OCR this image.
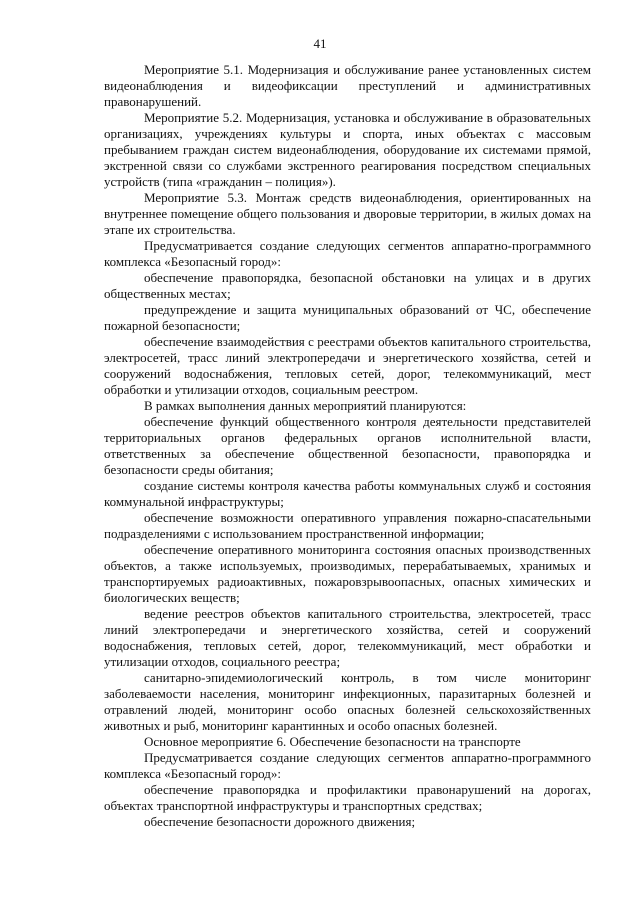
41

Мероприятие 5.1. Модернизация и обслуживание ранее установленных систем видеонаблюдения и видеофиксации преступлений и административных правонарушений.

Мероприятие 5.2. Модернизация, установка и обслуживание в образовательных организациях, учреждениях культуры и спорта, иных объектах с массовым пребыванием граждан систем видеонаблюдения, оборудование их системами прямой, экстренной связи со службами экстренного реагирования посредством специальных устройств (типа «гражданин – полиция»).

Мероприятие 5.3. Монтаж средств видеонаблюдения, ориентированных на внутреннее помещение общего пользования и дворовые территории, в жилых домах на этапе их строительства.

Предусматривается создание следующих сегментов аппаратно-программного комплекса «Безопасный город»:

обеспечение правопорядка, безопасной обстановки на улицах и в других общественных местах;

предупреждение и защита муниципальных образований от ЧС, обеспечение пожарной безопасности;

обеспечение взаимодействия с реестрами объектов капитального строительства, электросетей, трасс линий электропередачи и энергетического хозяйства, сетей и сооружений водоснабжения, тепловых сетей, дорог, телекоммуникаций, мест обработки и утилизации отходов, социальным реестром.

В рамках выполнения данных мероприятий планируются:

обеспечение функций общественного контроля деятельности представителей территориальных органов федеральных органов исполнительной власти, ответственных за обеспечение общественной безопасности, правопорядка и безопасности среды обитания;

создание системы контроля качества работы коммунальных служб и состояния коммунальной инфраструктуры;

обеспечение возможности оперативного управления пожарно-спасательными подразделениями с использованием пространственной информации;

обеспечение оперативного мониторинга состояния опасных производственных объектов, а также используемых, производимых, перерабатываемых, хранимых и транспортируемых радиоактивных, пожаровзрывоопасных, опасных химических и биологических веществ;

ведение реестров объектов капитального строительства, электросетей, трасс линий электропередачи и энергетического хозяйства, сетей и сооружений водоснабжения, тепловых сетей, дорог, телекоммуникаций, мест обработки и утилизации отходов, социального реестра;

санитарно-эпидемиологический контроль, в том числе мониторинг заболеваемости населения, мониторинг инфекционных, паразитарных болезней и отравлений людей, мониторинг особо опасных болезней сельскохозяйственных животных и рыб, мониторинг карантинных и особо опасных болезней.

Основное мероприятие 6. Обеспечение безопасности на транспорте

Предусматривается создание следующих сегментов аппаратно-программного комплекса «Безопасный город»:

обеспечение правопорядка и профилактики правонарушений на дорогах, объектах транспортной инфраструктуры и транспортных средствах;

обеспечение безопасности дорожного движения;
